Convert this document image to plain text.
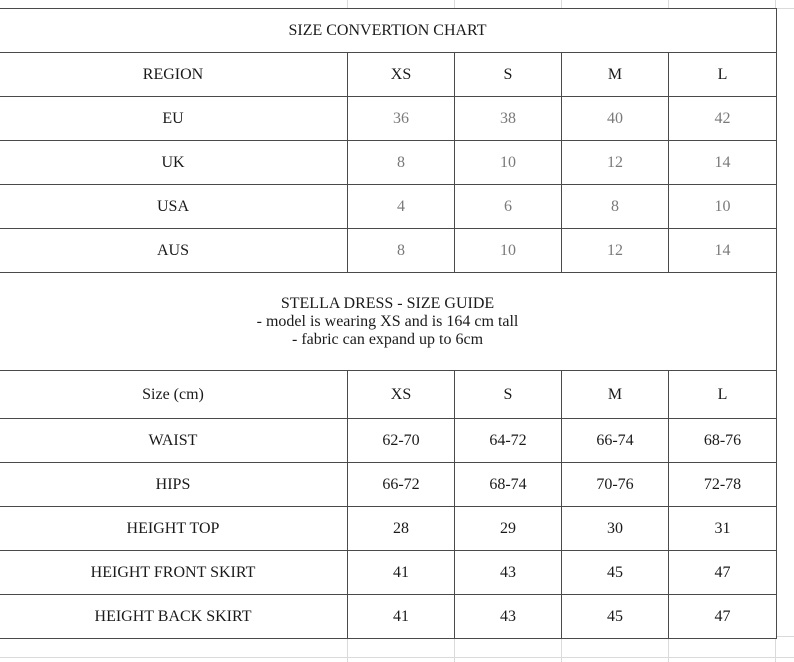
SIZE CONVERTION CHART				
REGION	XS	S	M	L
EU	36	38	40	42
UK	8	10	12	14
USA	4	6	8	10
AUS	8	10	12	14

STELLA DRESS - SIZE GUIDE
- model is wearing XS and is 164 cm tall
- fabric can expand up to 6cm				

Size (cm)	XS	S	M	L
WAIST	62-70	64-72	66-74	68-76
HIPS	66-72	68-74	70-76	72-78
HEIGHT TOP	28	29	30	31
HEIGHT FRONT SKIRT	41	43	45	47
HEIGHT BACK SKIRT	41	43	45	47
